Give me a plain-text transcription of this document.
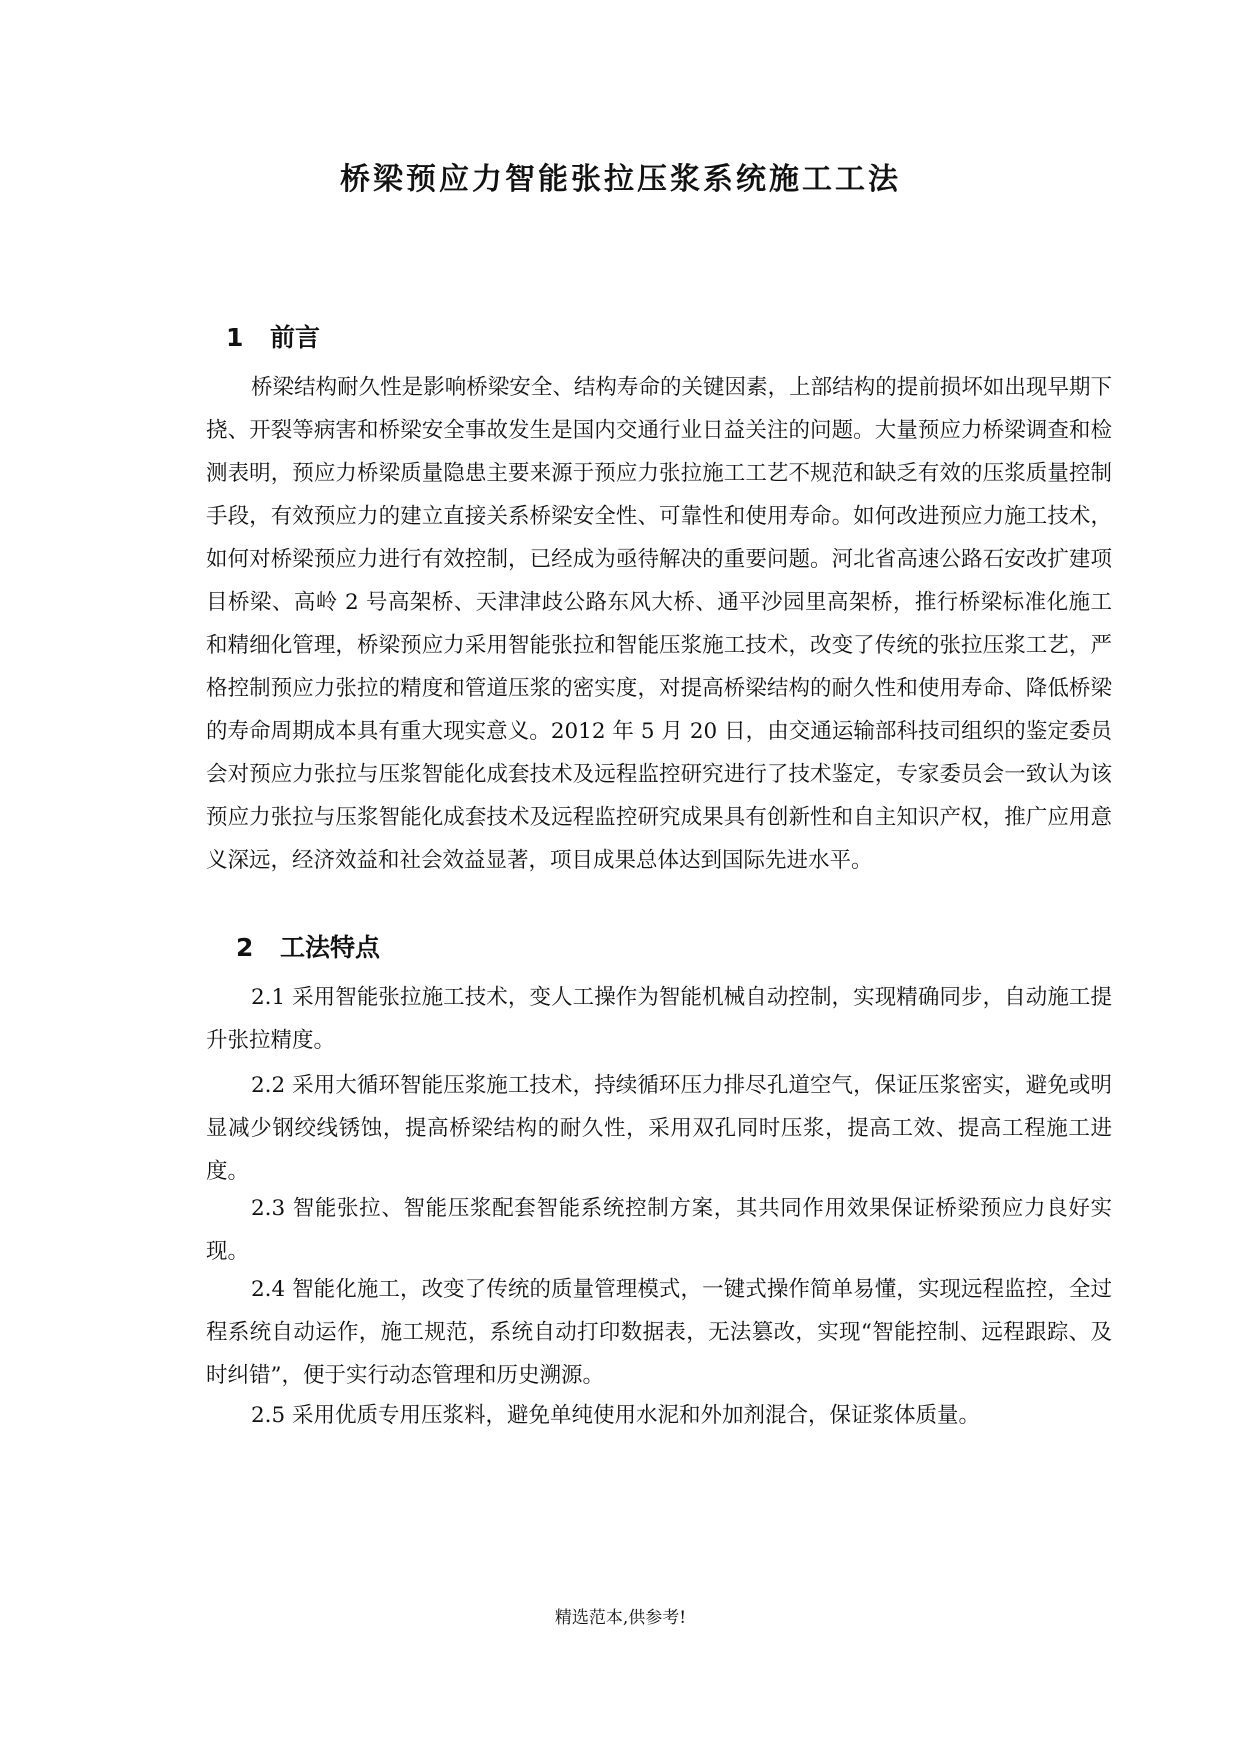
桥梁预应力智能张拉压浆系统施工工法
1 前言

桥梁结构耐久性是影响桥梁安全、结构寿命的关键因素，上部结构的提前损坏如出现早期下挠、开裂等病害和桥梁安全事故发生是国内交通行业日益关注的问题。大量预应力桥梁调查和检测表明，预应力桥梁质量隐患主要来源于预应力张拉施工工艺不规范和缺乏有效的压浆质量控制手段，有效预应力的建立直接关系桥梁安全性、可靠性和使用寿命。如何改进预应力施工技术，如何对桥梁预应力进行有效控制，已经成为亟待解决的重要问题。河北省高速公路石安改扩建项目桥梁、高岭 2 号高架桥、天津津歧公路东风大桥、通平沙园里高架桥，推行桥梁标准化施工和精细化管理，桥梁预应力采用智能张拉和智能压浆施工技术，改变了传统的张拉压浆工艺，严格控制预应力张拉的精度和管道压浆的密实度，对提高桥梁结构的耐久性和使用寿命、降低桥梁的寿命周期成本具有重大现实意义。2012 年 5 月 20 日，由交通运输部科技司组织的鉴定委员会对预应力张拉与压浆智能化成套技术及远程监控研究进行了技术鉴定，专家委员会一致认为该预应力张拉与压浆智能化成套技术及远程监控研究成果具有创新性和自主知识产权，推广应用意义深远，经济效益和社会效益显著，项目成果总体达到国际先进水平。

2 工法特点

2.1 采用智能张拉施工技术，变人工操作为智能机械自动控制，实现精确同步，自动施工提升张拉精度。

2.2 采用大循环智能压浆施工技术，持续循环压力排尽孔道空气，保证压浆密实，避免或明显减少钢绞线锈蚀，提高桥梁结构的耐久性，采用双孔同时压浆，提高工效、提高工程施工进度。

2.3 智能张拉、智能压浆配套智能系统控制方案，其共同作用效果保证桥梁预应力良好实现。

2.4 智能化施工，改变了传统的质量管理模式，一键式操作简单易懂，实现远程监控，全过程系统自动运作，施工规范，系统自动打印数据表，无法篡改，实现“智能控制、远程跟踪、及时纠错”，便于实行动态管理和历史溯源。

2.5 采用优质专用压浆料，避免单纯使用水泥和外加剂混合，保证浆体质量。

精选范本,供参考!
